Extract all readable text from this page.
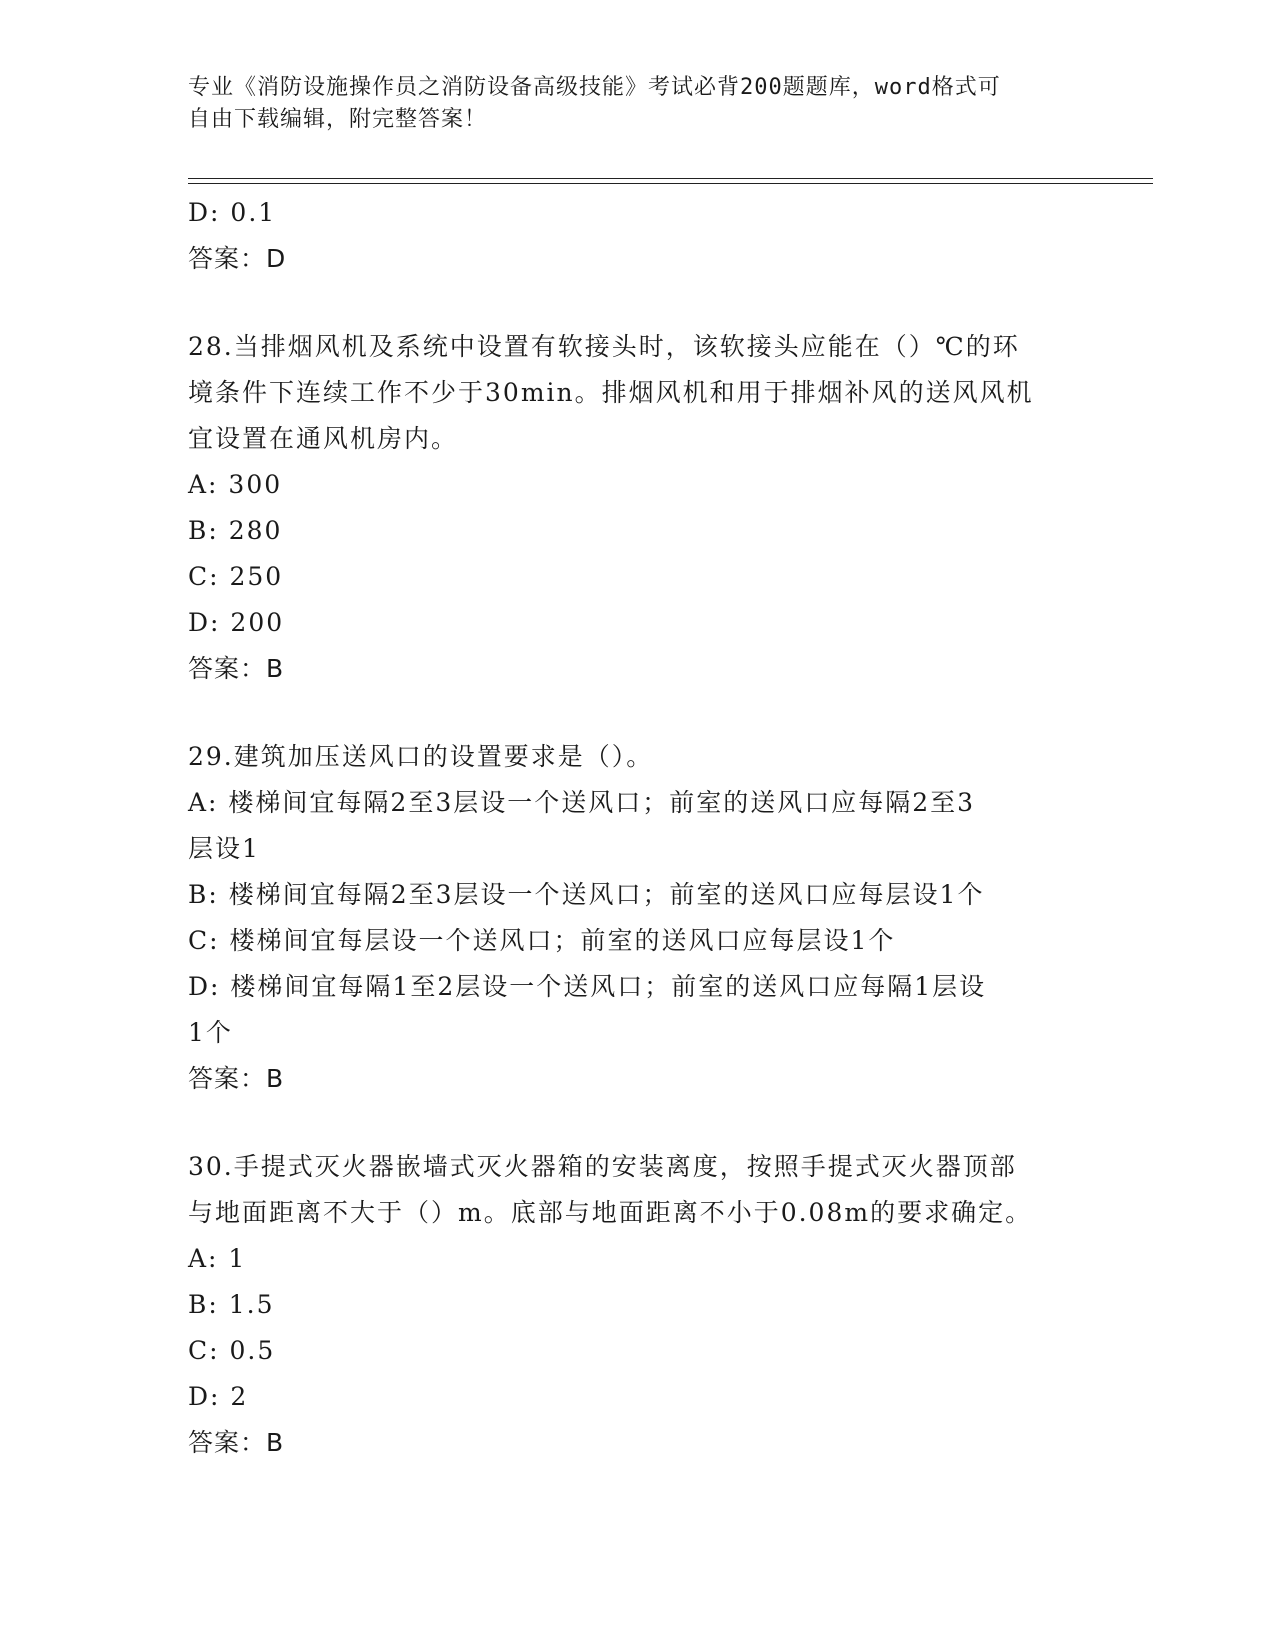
专业《消防设施操作员之消防设备高级技能》考试必背200题题库，word格式可
自由下载编辑，附完整答案！
D: 0.1
答案：D
28.当排烟风机及系统中设置有软接头时，该软接头应能在（）℃的环
境条件下连续工作不少于30min。排烟风机和用于排烟补风的送风风机
宜设置在通风机房内。
A: 300
B: 280
C: 250
D: 200
答案：B
29.建筑加压送风口的设置要求是（）。
A: 楼梯间宜每隔2至3层设一个送风口；前室的送风口应每隔2至3
层设1
B: 楼梯间宜每隔2至3层设一个送风口；前室的送风口应每层设1个
C: 楼梯间宜每层设一个送风口；前室的送风口应每层设1个
D: 楼梯间宜每隔1至2层设一个送风口；前室的送风口应每隔1层设
1个
答案：B
30.手提式灭火器嵌墙式灭火器箱的安装离度，按照手提式灭火器顶部
与地面距离不大于（）m。底部与地面距离不小于0.08m的要求确定。
A: 1
B: 1.5
C: 0.5
D: 2
答案：B
